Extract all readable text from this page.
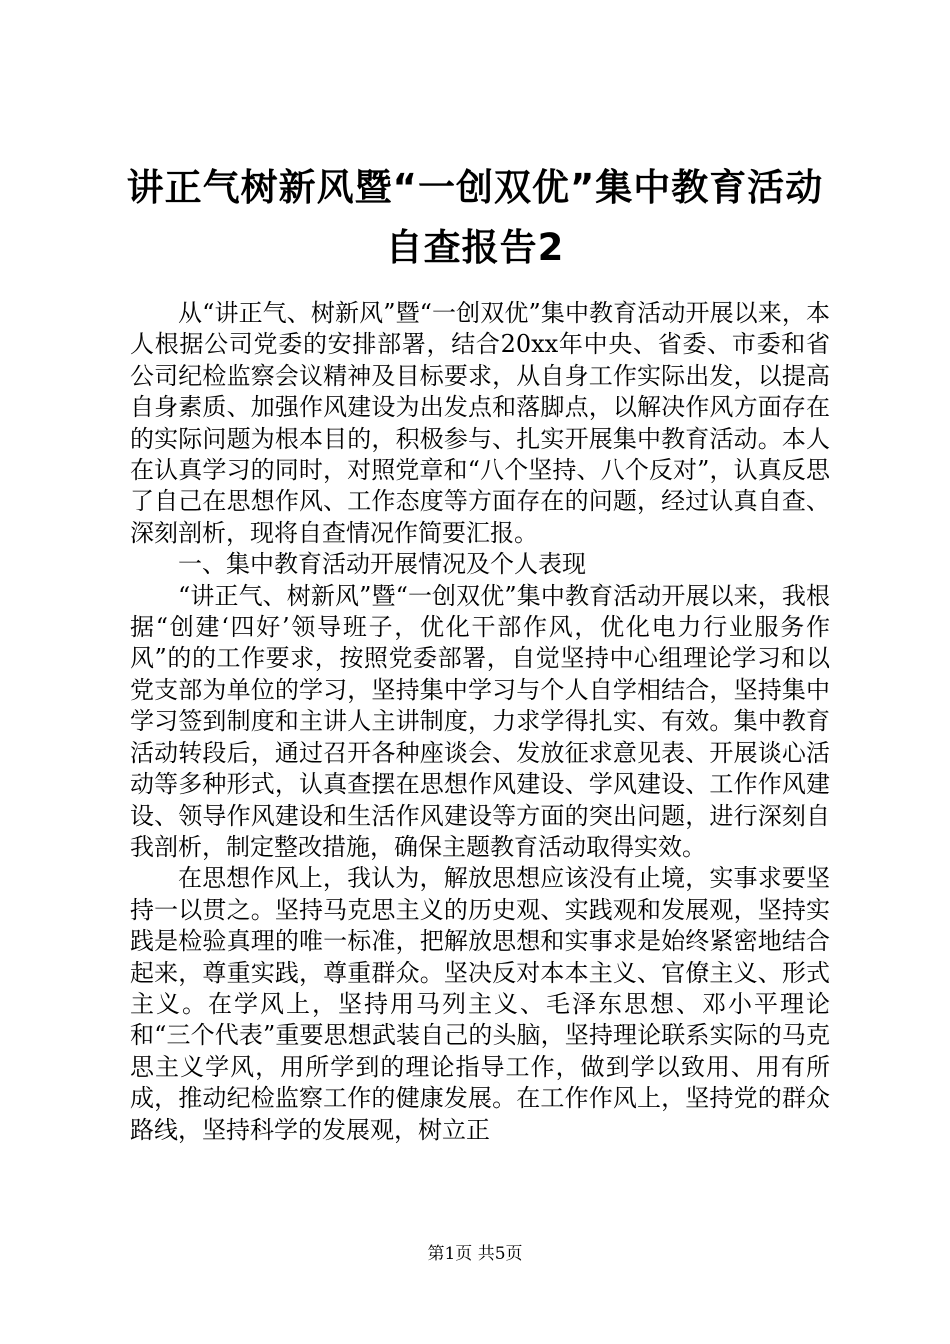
讲正气树新风暨“一创双优”集中教育活动自查报告2

从“讲正气、树新风”暨“一创双优”集中教育活动开展以来，本人根据公司党委的安排部署，结合20xx年中央、省委、市委和省公司纪检监察会议精神及目标要求，从自身工作实际出发，以提高自身素质、加强作风建设为出发点和落脚点，以解决作风方面存在的实际问题为根本目的，积极参与、扎实开展集中教育活动。本人在认真学习的同时，对照党章和“八个坚持、八个反对”，认真反思了自己在思想作风、工作态度等方面存在的问题，经过认真自查、深刻剖析，现将自查情况作简要汇报。

一、集中教育活动开展情况及个人表现

“讲正气、树新风”暨“一创双优”集中教育活动开展以来，我根据“创建‘四好’领导班子，优化干部作风，优化电力行业服务作风”的的工作要求，按照党委部署，自觉坚持中心组理论学习和以党支部为单位的学习，坚持集中学习与个人自学相结合，坚持集中学习签到制度和主讲人主讲制度，力求学得扎实、有效。集中教育活动转段后，通过召开各种座谈会、发放征求意见表、开展谈心活动等多种形式，认真查摆在思想作风建设、学风建设、工作作风建设、领导作风建设和生活作风建设等方面的突出问题，进行深刻自我剖析，制定整改措施，确保主题教育活动取得实效。

在思想作风上，我认为，解放思想应该没有止境，实事求要坚持一以贯之。坚持马克思主义的历史观、实践观和发展观，坚持实践是检验真理的唯一标准，把解放思想和实事求是始终紧密地结合起来，尊重实践，尊重群众。坚决反对本本主义、官僚主义、形式主义。在学风上，坚持用马列主义、毛泽东思想、邓小平理论和“三个代表”重要思想武装自己的头脑，坚持理论联系实际的马克思主义学风，用所学到的理论指导工作，做到学以致用、用有所成，推动纪检监察工作的健康发展。在工作作风上，坚持党的群众路线，坚持科学的发展观，树立正

第1页 共5页
